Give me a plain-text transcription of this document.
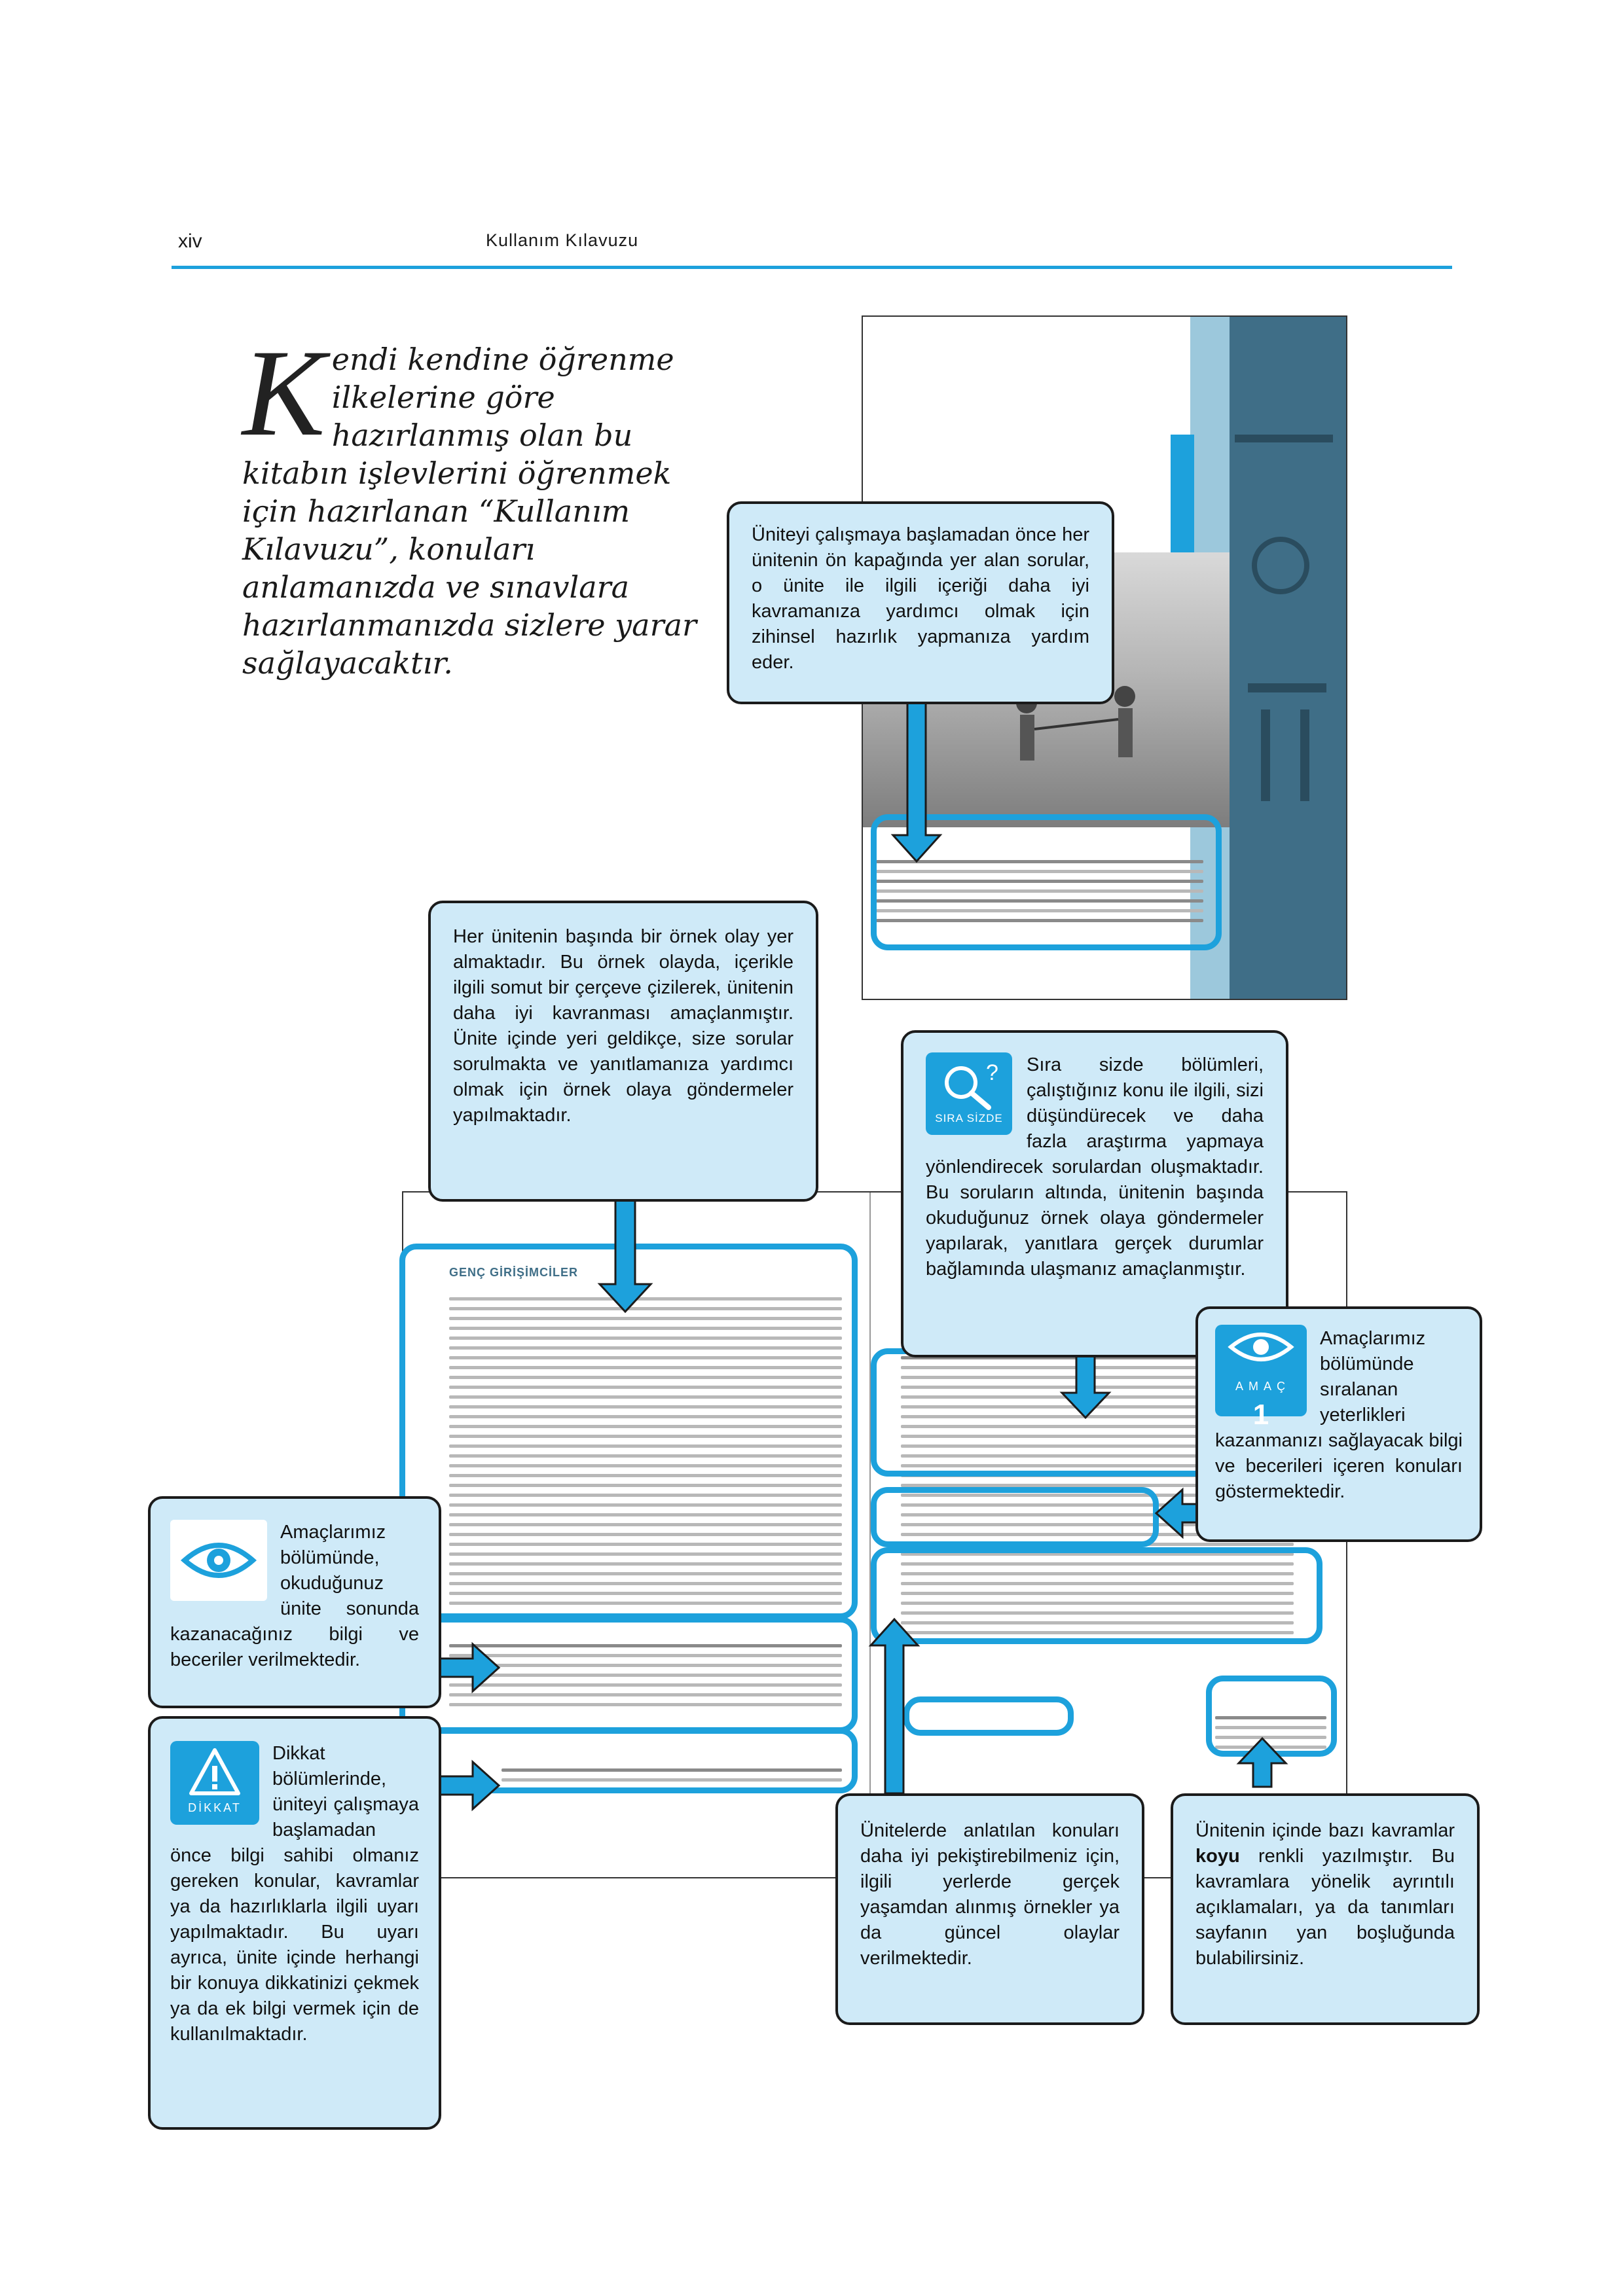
xiv	Kullanım Kılavuzu
Kendi kendine öğrenme ilkelerine göre hazırlanmış olan bu kitabın işlevlerini öğrenmek için hazırlanan “Kullanım Kılavuzu”, konuları anlamanızda ve sınavlara hazırlanmanızda sizlere yarar sağlayacaktır.
GENÇ GİRİŞİMCİLER

Üniteyi çalışmaya başlamadan önce her ünitenin ön kapağında yer alan sorular, o ünite ile ilgili içeriği daha iyi kavramanıza yardımcı olmak için zihinsel hazırlık yapmanıza yardım eder.

Her ünitenin başında bir örnek olay yer almaktadır. Bu örnek olayda, içerikle ilgili somut bir çerçeve çizilerek, ünitenin daha iyi kavranması amaçlanmıştır. Ünite içinde yeri geldikçe, size sorular sorulmakta ve yanıtlamanıza yardımcı olmak için örnek olaya göndermeler yapılmaktadır.

?
SIRA SİZDE

Sıra sizde bölümleri, çalıştığınız konu ile ilgili, sizi düşündürecek ve daha fazla araştırma yapmaya yönlendirecek sorulardan oluşmaktadır. Bu soruların altında, ünitenin başında okuduğunuz örnek olaya göndermeler yapılarak, yanıtlara gerçek durumlar bağlamında ulaşmanız amaçlanmıştır.

A M A Ç
1

Amaçlarımız bölümünde sıralanan yeterlikleri kazanmanızı sağlayacak bilgi ve becerileri içeren konuları göstermektedir.

Amaçlarımız bölümünde, okuduğunuz ünite sonunda kazanacağınız bilgi ve beceriler verilmektedir.

DİKKAT

Dikkat bölümlerinde, üniteyi çalışmaya başlamadan önce bilgi sahibi olmanız gereken konular, kavramlar ya da hazırlıklarla ilgili uyarı yapılmaktadır. Bu uyarı ayrıca, ünite içinde herhangi bir konuya dikkatinizi çekmek ya da ek bilgi vermek için de kullanılmaktadır.

Ünitelerde anlatılan konuları daha iyi pekiştirebilmeniz için, ilgili yerlerde gerçek yaşamdan alınmış örnekler ya da güncel olaylar verilmektedir.

Ünitenin içinde bazı kavramlar koyu renkli yazılmıştır. Bu kavramlara yönelik ayrıntılı açıklamaları, ya da tanımları sayfanın yan boşluğunda bulabilirsiniz.
